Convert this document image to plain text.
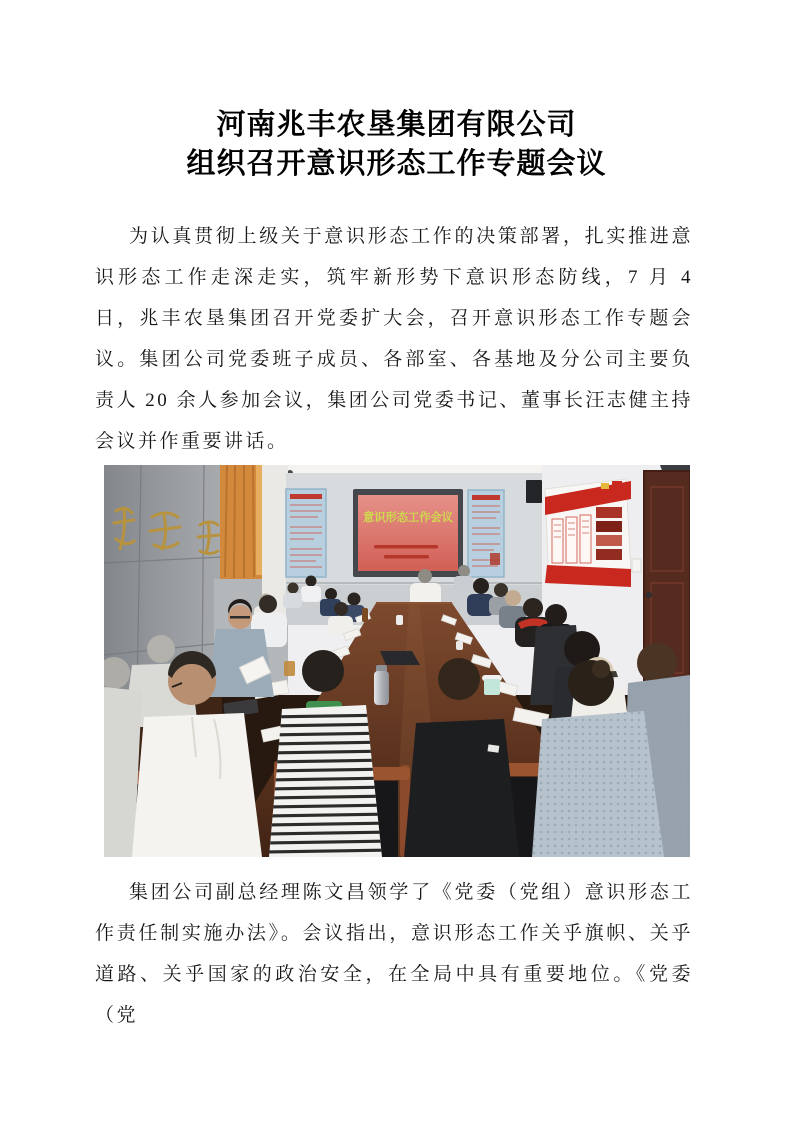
河南兆丰农垦集团有限公司
组织召开意识形态工作专题会议
为认真贯彻上级关于意识形态工作的决策部署，扎实推进意识形态工作走深走实，筑牢新形势下意识形态防线，7 月 4 日，兆丰农垦集团召开党委扩大会，召开意识形态工作专题会议。集团公司党委班子成员、各部室、各基地及分公司主要负责人 20 余人参加会议，集团公司党委书记、董事长汪志健主持会议并作重要讲话。
意识形态工作会议
集团公司副总经理陈文昌领学了《党委（党组）意识形态工作责任制实施办法》。会议指出，意识形态工作关乎旗帜、关乎道路、关乎国家的政治安全，在全局中具有重要地位。《党委（党
